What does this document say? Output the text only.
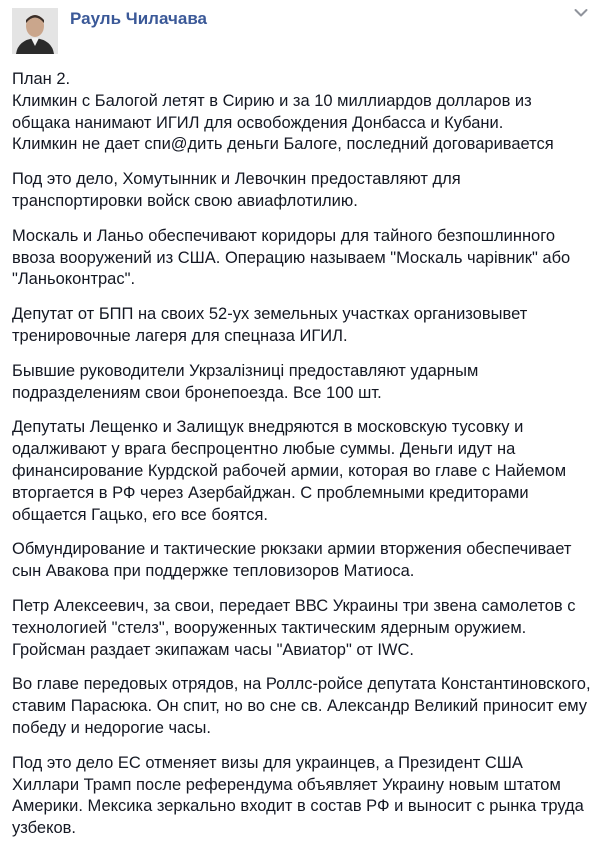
Рауль Чилачава

План 2.
Климкин с Балогой летят в Сирию и за 10 миллиардов долларов из общака нанимают ИГИЛ для освобождения Донбасса и Кубани.
Климкин не дает спи@дить деньги Балоге, последний договаривается

Под это дело, Хомутынник и Левочкин предоставляют для транспортировки войск свою авиафлотилию.

Москаль и Ланьо обеспечивают коридоры для тайного безпошлинного ввоза вооружений из США. Операцию называем "Москаль чарівник" або "Ланьоконтрас".

Депутат от БПП на своих 52-ух земельных участках организовывет тренировочные лагеря для спецназа ИГИЛ.

Бывшие руководители Укрзалізниці предоставляют ударным подразделениям свои бронепоезда. Все 100 шт.

Депутаты Лещенко и Залищук внедряются в московскую тусовку и одалживают у врага беспроцентно любые суммы. Деньги идут на финансирование Курдской рабочей армии, которая во главе с Найемом вторгается в РФ через Азербайджан. С проблемными кредиторами общается Гацько, его все боятся.

Обмундирование и тактические рюкзаки армии вторжения обеспечивает сын Авакова при поддержке тепловизоров Матиоса.

Петр Алексеевич, за свои, передает ВВС Украины три звена самолетов с технологией "стелз", вооруженных тактическим ядерным оружием. Гройсман раздает экипажам часы "Авиатор" от IWC.

Во главе передовых отрядов, на Роллс-ройсе депутата Константиновского, ставим Парасюка. Он спит, но во сне св. Александр Великий приносит ему победу и недорогие часы.

Под это дело ЕС отменяет визы для украинцев, а Президент США Хиллари Трамп после референдума объявляет Украину новым штатом Америки. Мексика зеркально входит в состав РФ и выносит с рынка труда узбеков.
